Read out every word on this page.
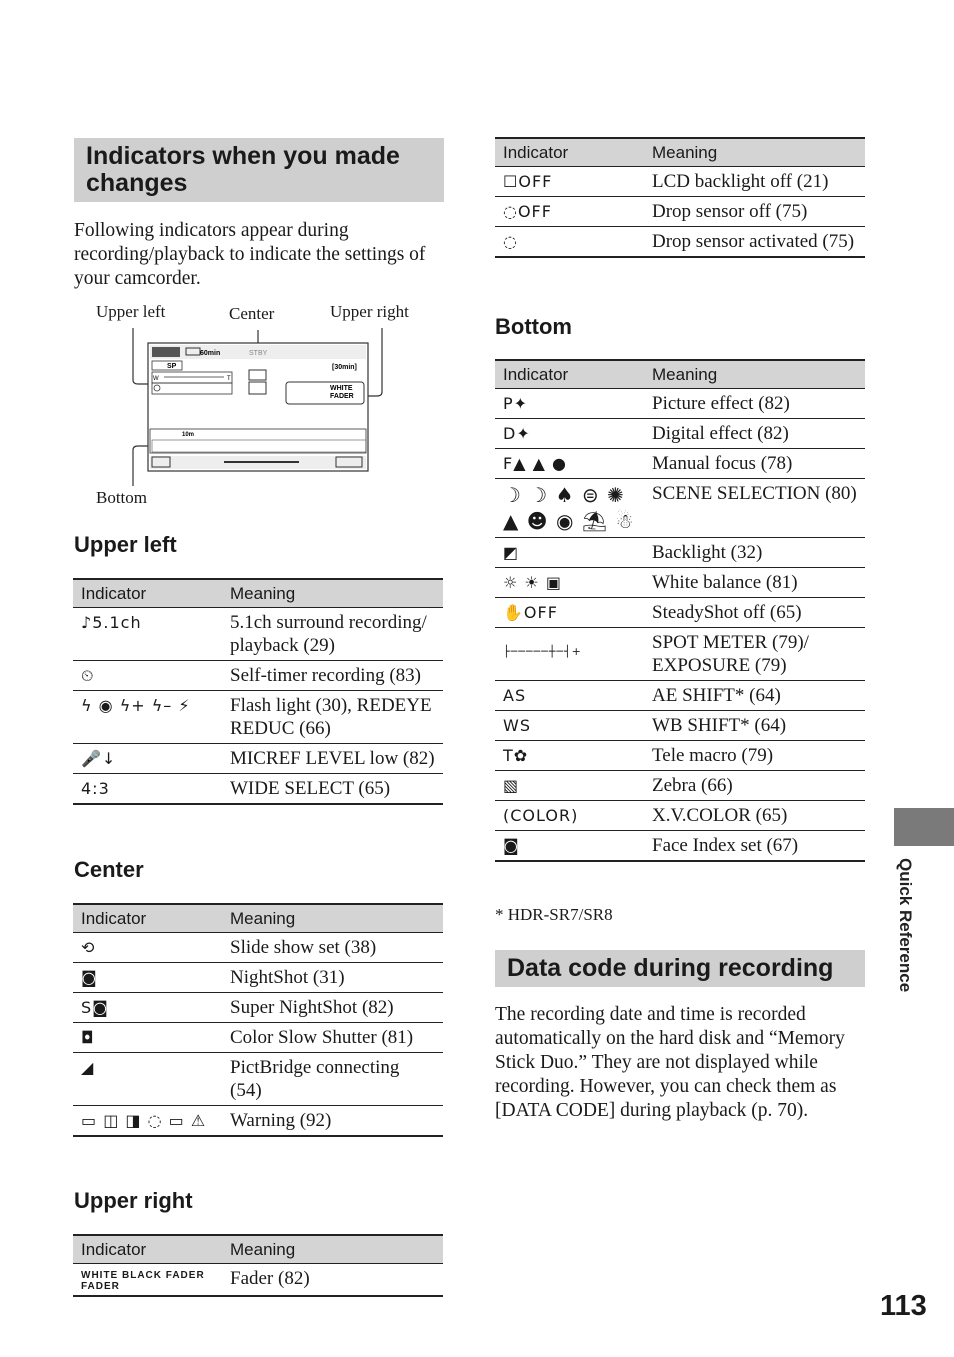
Indicators when you made changes
Following indicators appear during recording/playback to indicate the settings of your camcorder.
Upper left	Center	Upper right
Bottom
WHITE
FADER
60min
SP
STBY
[30min]
W	T
10m
Upper left
Indicator	Meaning
♪5.1ch	5.1ch surround recording/ playback (29)
⏲	Self-timer recording (83)
ϟ ◉ ϟ+ ϟ– ⚡	Flash light (30), REDEYE REDUC (66)
🎤↓	MICREF LEVEL low (82)
4:3	WIDE SELECT (65)
Center
Indicator	Meaning
⟲	Slide show set (38)
◙	NightShot (31)
S◙	Super NightShot (82)
◘	Color Slow Shutter (81)
◢	PictBridge connecting (54)
▭ ◫ ◨ ◌ ▭ ⚠	Warning (92)
Upper right
Indicator	Meaning
WHITE BLACK FADER FADER	Fader (82)
Indicator	Meaning
☐OFF	LCD backlight off (21)
◌OFF	Drop sensor off (75)
◌	Drop sensor activated (75)
Bottom
Indicator	Meaning
P✦	Picture effect (82)
D✦	Digital effect (82)
F▲ ▲ ●	Manual focus (78)
☽ ☽ ♠ ⊜ ✺ ▲ ☻ ◉ ⛱ ☃	SCENE SELECTION (80)
◩	Backlight (32)
☼ ☀ ▣	White balance (81)
✋OFF	SteadyShot off (65)
├─────┼─┤+	SPOT METER (79)/ EXPOSURE (79)
AS	AE SHIFT* (64)
WS	WB SHIFT* (64)
T✿	Tele macro (79)
▧	Zebra (66)
(COLOR)	X.V.COLOR (65)
◙	Face Index set (67)
* HDR-SR7/SR8
Data code during recording
The recording date and time is recorded automatically on the hard disk and “Memory Stick Duo.” They are not displayed while recording. However, you can check them as [DATA CODE] during playback (p. 70).
Quick Reference
113
